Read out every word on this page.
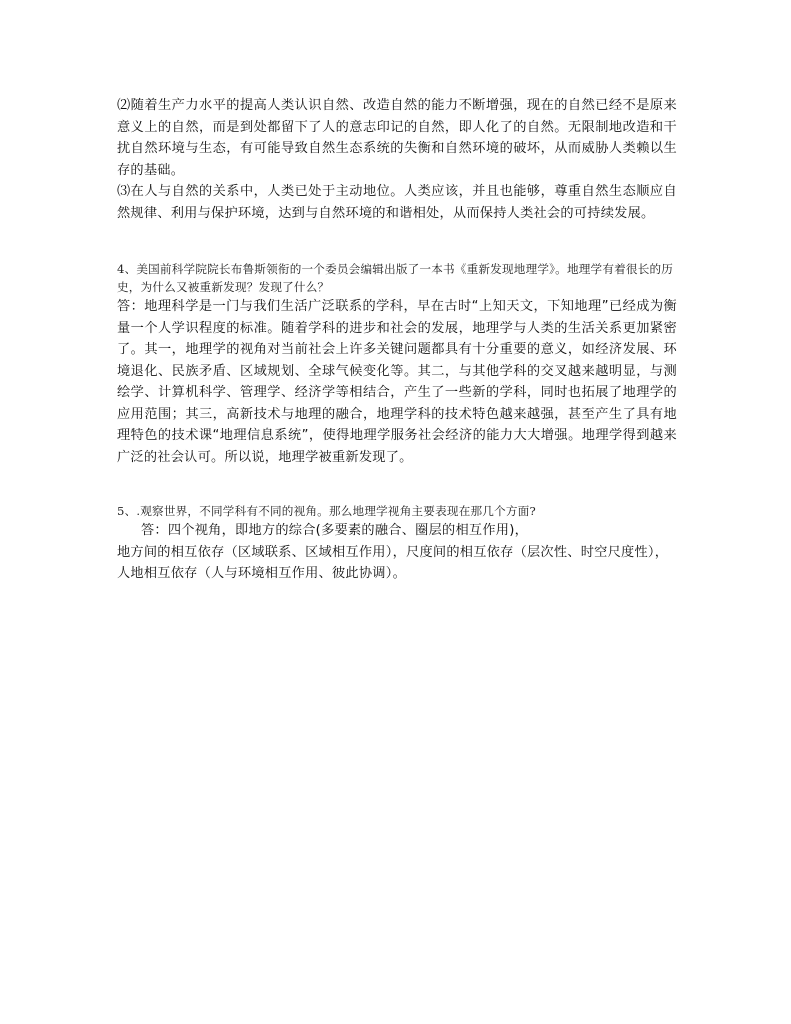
⑵随着生产力水平的提高人类认识自然、改造自然的能力不断增强，现在的自然已经不是原来意义上的自然，而是到处都留下了人的意志印记的自然，即人化了的自然。无限制地改造和干扰自然环境与生态，有可能导致自然生态系统的失衡和自然环境的破坏，从而威胁人类赖以生存的基础。

⑶在人与自然的关系中，人类已处于主动地位。人类应该，并且也能够，尊重自然生态顺应自然规律、利用与保护环境，达到与自然环境的和谐相处，从而保持人类社会的可持续发展。

4、美国前科学院院长布鲁斯领衔的一个委员会编辑出版了一本书《重新发现地理学》。地理学有着很长的历史，为什么又被重新发现？发现了什么？

答：地理科学是一门与我们生活广泛联系的学科，早在古时“上知天文，下知地理”已经成为衡量一个人学识程度的标准。随着学科的进步和社会的发展，地理学与人类的生活关系更加紧密了。其一，地理学的视角对当前社会上许多关键问题都具有十分重要的意义，如经济发展、环境退化、民族矛盾、区域规划、全球气候变化等。其二，与其他学科的交叉越来越明显，与测绘学、计算机科学、管理学、经济学等相结合，产生了一些新的学科，同时也拓展了地理学的应用范围；其三，高新技术与地理的融合，地理学科的技术特色越来越强，甚至产生了具有地理特色的技术课“地理信息系统”，使得地理学服务社会经济的能力大大增强。地理学得到越来广泛的社会认可。所以说，地理学被重新发现了。

5、.观察世界，不同学科有不同的视角。那么地理学视角主要表现在那几个方面?

答：四个视角，即地方的综合(多要素的融合、圈层的相互作用)，

地方间的相互依存（区域联系、区域相互作用），尺度间的相互依存（层次性、时空尺度性），人地相互依存（人与环境相互作用、彼此协调）。
